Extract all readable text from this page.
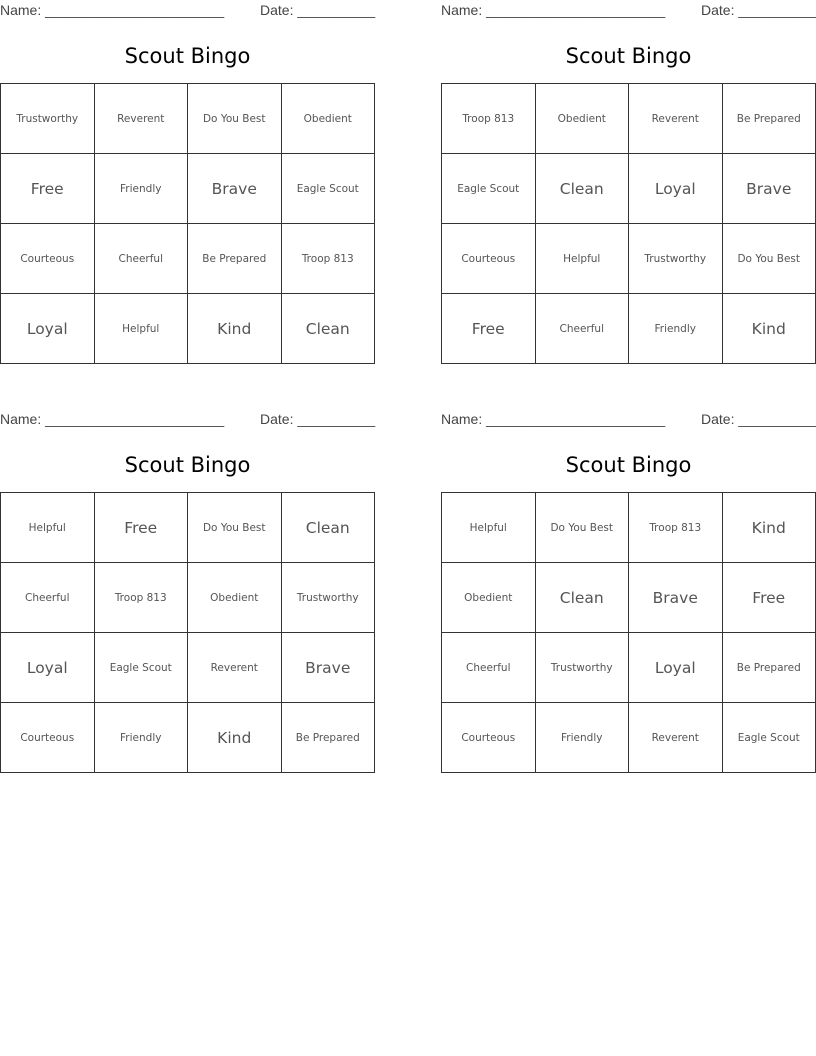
Name: _______________________	Date: __________
Scout Bingo
Trustworthy	Reverent	Do You Best	Obedient
Free	Friendly	Brave	Eagle Scout
Courteous	Cheerful	Be Prepared	Troop 813
Loyal	Helpful	Kind	Clean
Name: _______________________	Date: __________
Scout Bingo
Troop 813	Obedient	Reverent	Be Prepared
Eagle Scout	Clean	Loyal	Brave
Courteous	Helpful	Trustworthy	Do You Best
Free	Cheerful	Friendly	Kind
Name: _______________________	Date: __________
Scout Bingo
Helpful	Free	Do You Best	Clean
Cheerful	Troop 813	Obedient	Trustworthy
Loyal	Eagle Scout	Reverent	Brave
Courteous	Friendly	Kind	Be Prepared
Name: _______________________	Date: __________
Scout Bingo
Helpful	Do You Best	Troop 813	Kind
Obedient	Clean	Brave	Free
Cheerful	Trustworthy	Loyal	Be Prepared
Courteous	Friendly	Reverent	Eagle Scout
